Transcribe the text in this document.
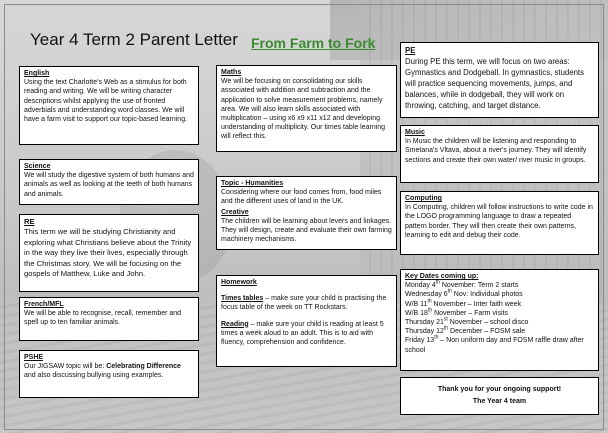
Year 4 Term 2 Parent Letter From Farm to Fork
English

Using the text Charlotte's Web as a stimulus for both reading and writing. We will be writing character descriptions whilst applying the use of fronted adverbials and understanding word classes. We will have a farm visit to support our topic-based learning.

Science

We will study the digestive system of both humans and animals as well as looking at the teeth of both humans and animals.

RE

This term we will be studying Christianity and exploring what Christians believe about the Trinity in the way they live their lives, especially through the Christmas story. We will be focusing on the gospels of Matthew, Luke and John.

French/MFL

We will be able to recognise, recall, remember and spell up to ten familiar animals.

PSHE

Our JIGSAW topic will be: Celebrating Difference and also discussing bullying using examples.

Maths

We will be focusing on consolidating our skills associated with addition and subtraction and the application to solve measurement problems, namely area. We will also learn skills associated with multiplication – using x6 x9 x11 x12 and developing understanding of multiplicity. Our times table learning will reflect this.

Topic - Humanities

Considering where our food comes from, food miles and the different uses of land in the UK.

Creative

The children will be learning about levers and linkages. They will design, create and evaluate their own farming machinery mechanisms.

Homework

Times tables – make sure your child is practising the focus table of the week on TT Rockstars.

Reading – make sure your child is reading at least 5 times a week aloud to an adult. This is to aid with fluency, comprehension and confidence.

PE

During PE this term, we will focus on two areas: Gymnastics and Dodgeball. In gymnastics, students will practice sequencing movements, jumps, and balances, while in dodgeball, they will work on throwing, catching, and target distance.

Music

In Music the children will be listening and responding to Smetana's Vltava, about a river's journey. They will identify sections and create their own water/ river music in groups.

Computing

In Computing, children will follow instructions to write code in the LOGO programming language to draw a repeated pattern border. They will then create their own patterns, learning to edit and debug their code.

Key Dates coming up:

Monday 4th November: Term 2 starts

Wednesday 6th Nov: Individual photos

W/B 11th November – Inter faith week

W/B 18th November – Farm visits

Thursday 21st November – school disco

Thursday 12th December – FOSM sale

Friday 13th – Non uniform day and FOSM raffle draw after school

Thank you for your ongoing support!

The Year 4 team
